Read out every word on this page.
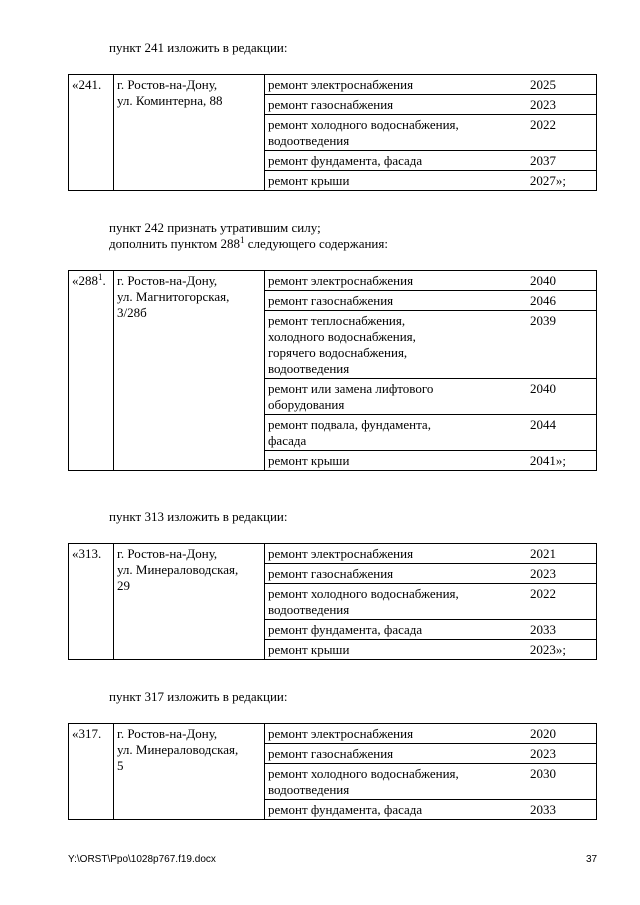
пункт 241 изложить в редакции:
«241.	г. Ростов-на-Дону,
ул. Коминтерна, 88	ремонт электроснабжения	2025

		ремонт газоснабжения	2023

		ремонт холодного водоснабжения,
водоотведения	2022

		ремонт фундамента, фасада	2037

		ремонт крыши	2027»;
пункт 242 признать утратившим силу;
дополнить пунктом $288^1$ следующего содержания:
«$288^1$.	г. Ростов-на-Дону,
ул. Магнитогорская,
3/28б	ремонт электроснабжения	2040

		ремонт газоснабжения	2046

		ремонт теплоснабжения,
холодного водоснабжения,
горячего водоснабжения,
водоотведения	2039

		ремонт или замена лифтового
оборудования	2040

		ремонт подвала, фундамента,
фасада	2044

		ремонт крыши	2041»;
пункт 313 изложить в редакции:
«313.	г. Ростов-на-Дону,
ул. Минераловодская,
29	ремонт электроснабжения	2021

		ремонт газоснабжения	2023

		ремонт холодного водоснабжения,
водоотведения	2022

		ремонт фундамента, фасада	2033

		ремонт крыши	2023»;
пункт 317 изложить в редакции:
«317.	г. Ростов-на-Дону,
ул. Минераловодская,
5	ремонт электроснабжения	2020

		ремонт газоснабжения	2023

		ремонт холодного водоснабжения,
водоотведения	2030

		ремонт фундамента, фасада	2033
Y:\ORST\Ppo\1028p767.f19.docx	37
